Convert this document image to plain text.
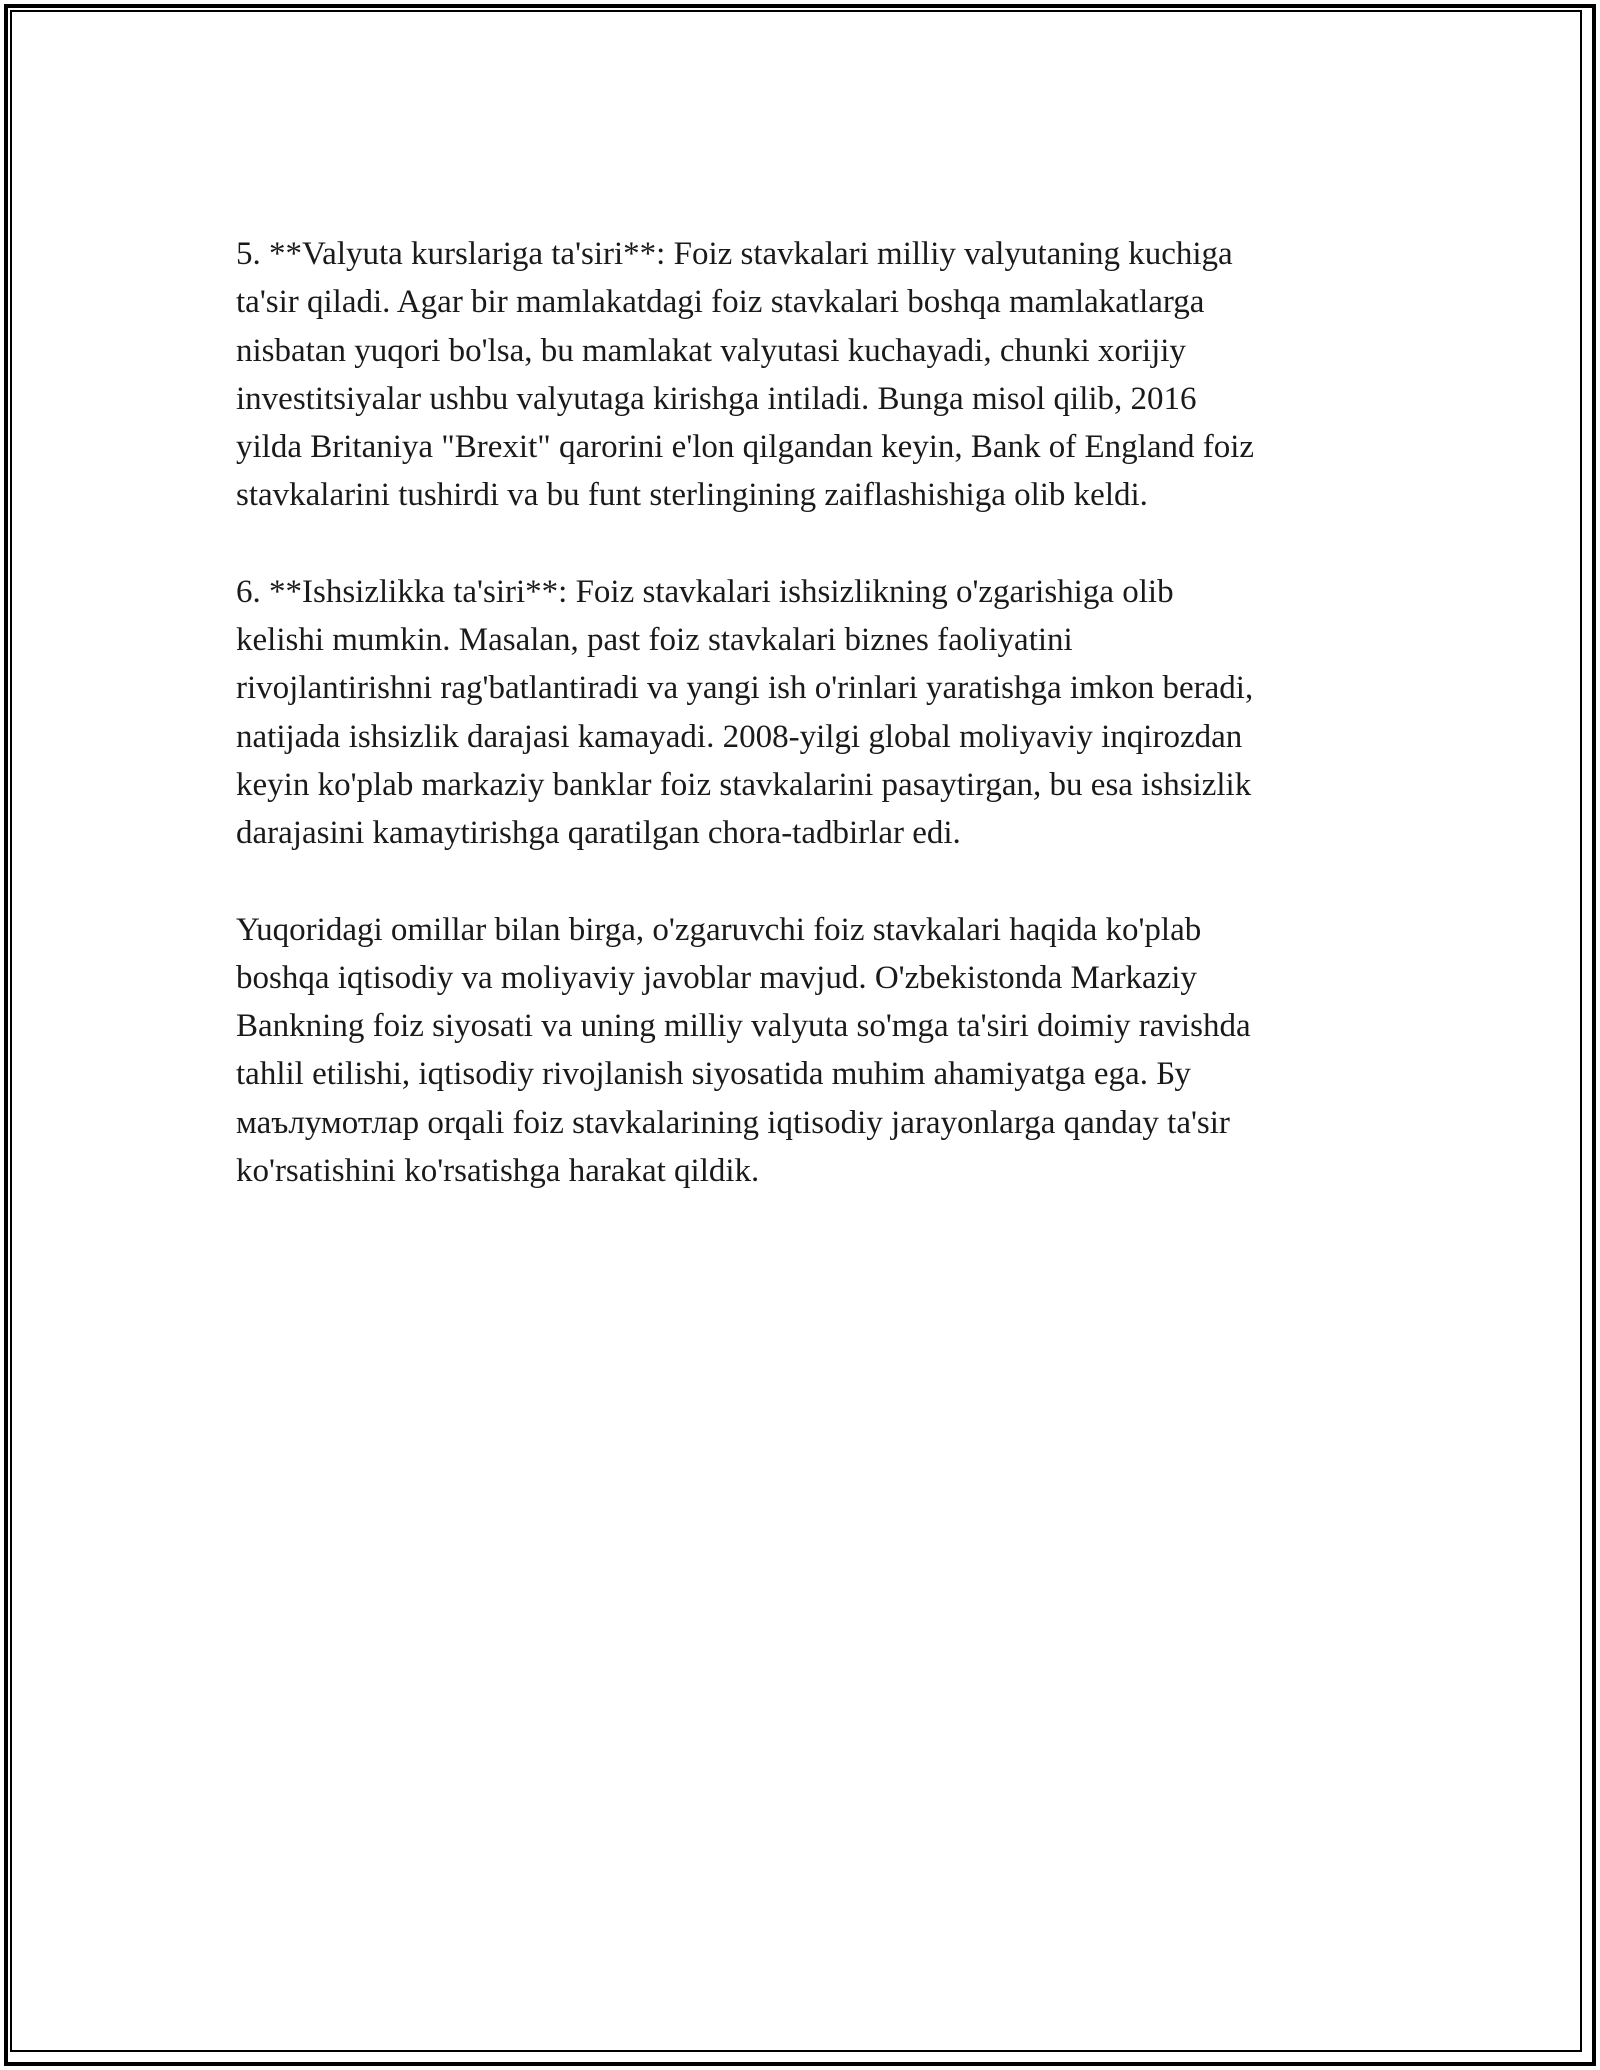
5. **Valyuta kurslariga ta'siri**: Foiz stavkalari milliy valyutaning kuchiga
ta'sir qiladi. Agar bir mamlakatdagi foiz stavkalari boshqa mamlakatlarga
nisbatan yuqori bo'lsa, bu mamlakat valyutasi kuchayadi, chunki xorijiy
investitsiyalar ushbu valyutaga kirishga intiladi. Bunga misol qilib, 2016
yilda Britaniya "Brexit" qarorini e'lon qilgandan keyin, Bank of England foiz
stavkalarini tushirdi va bu funt sterlingining zaiflashishiga olib keldi.

6. **Ishsizlikka ta'siri**: Foiz stavkalari ishsizlikning o'zgarishiga olib
kelishi mumkin. Masalan, past foiz stavkalari biznes faoliyatini
rivojlantirishni rag'batlantiradi va yangi ish o'rinlari yaratishga imkon beradi,
natijada ishsizlik darajasi kamayadi. 2008-yilgi global moliyaviy inqirozdan
keyin ko'plab markaziy banklar foiz stavkalarini pasaytirgan, bu esa ishsizlik
darajasini kamaytirishga qaratilgan chora-tadbirlar edi.

Yuqoridagi omillar bilan birga, o'zgaruvchi foiz stavkalari haqida ko'plab
boshqa iqtisodiy va moliyaviy javoblar mavjud. O'zbekistonda Markaziy
Bankning foiz siyosati va uning milliy valyuta so'mga ta'siri doimiy ravishda
tahlil etilishi, iqtisodiy rivojlanish siyosatida muhim ahamiyatga ega. Бу
маълумотлар orqali foiz stavkalarining iqtisodiy jarayonlarga qanday ta'sir
ko'rsatishini ko'rsatishga harakat qildik.
